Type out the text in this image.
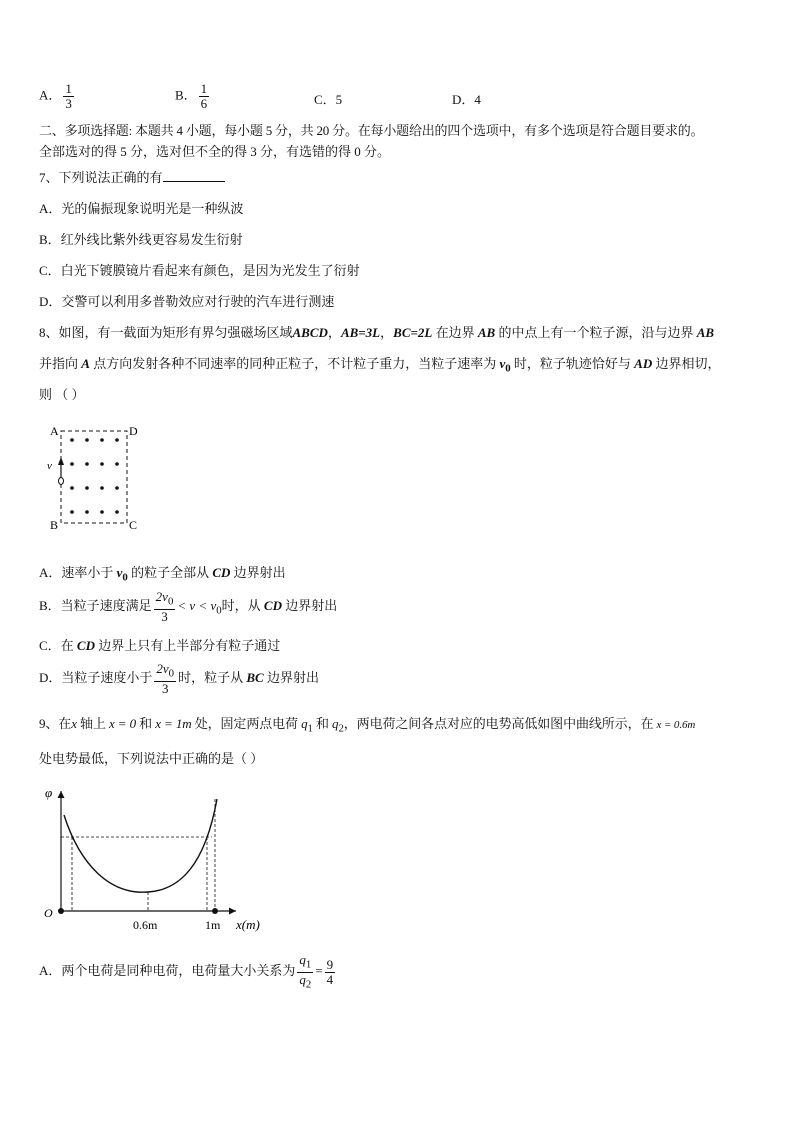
A． $\frac{1}{3}$	B． $\frac{1}{6}$	C．5	D．4
二、多项选择题: 本题共 4 小题，每小题 5 分，共 20 分。在每小题给出的四个选项中，有多个选项是符合题目要求的。
全部选对的得 5 分，选对但不全的得 3 分，有选错的得 0 分。
7、下列说法正确的有
A．光的偏振现象说明光是一种纵波
B．红外线比紫外线更容易发生衍射
C．白光下镀膜镜片看起来有颜色，是因为光发生了衍射
D．交警可以利用多普勒效应对行驶的汽车进行测速
8、如图，有一截面为矩形有界匀强磁场区域ABCD，AB=3L，BC=2L 在边界 AB 的中点上有一个粒子源，沿与边界 AB
并指向 A 点方向发射各种不同速率的同种正粒子，不计粒子重力，当粒子速率为 $v_0$ 时，粒子轨迹恰好与 AD 边界相切，
则 （ ）
A	D
B	C
v
A．速率小于 $v_0$ 的粒子全部从 CD 边界射出
B．当粒子速度满足 $\frac{2v_0}{3} < v < v_0$时，从 CD 边界射出
C．在 CD 边界上只有上半部分有粒子通过
D．当粒子速度小于 $\frac{2v_0}{3}$ 时，粒子从 BC 边界射出
9、在x 轴上 x = 0 和 x = 1m 处，固定两点电荷 $q_1$ 和 $q_2$，两电荷之间各点对应的电势高低如图中曲线所示，在 x = 0.6m
处电势最低，下列说法中正确的是（ ）
φ
O
0.6m	1m x(m)
A．两个电荷是同种电荷，电荷量大小关系为 $\frac{q_1}{q_2} = \frac{9}{4}$
